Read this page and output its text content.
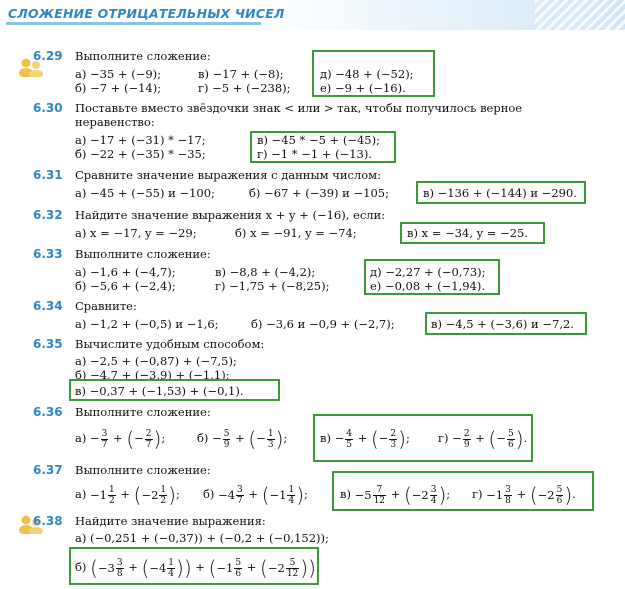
СЛОЖЕНИЕ ОТРИЦАТЕЛЬНЫХ ЧИСЕЛ
6.29 Выполните сложение:
а) −35 + (−9);	в) −17 + (−8);	д) −48 + (−52);
б) −7 + (−14);	г) −5 + (−238);	е) −9 + (−16).
6.30 Поставьте вместо звёздочки знак < или > так, чтобы получилось верное
неравенство:
а) −17 + (−31) * −17;	в) −45 * −5 + (−45);
б) −22 + (−35) * −35;	г) −1 * −1 + (−13).
6.31 Сравните значение выражения с данным числом:
а) −45 + (−55) и −100;	б) −67 + (−39) и −105;	в) −136 + (−144) и −290.
6.32 Найдите значение выражения x + y + (−16), если:
а) x = −17, y = −29;	б) x = −91, y = −74;	в) x = −34, y = −25.
6.33 Выполните сложение:
а) −1,6 + (−4,7);	в) −8,8 + (−4,2);	д) −2,27 + (−0,73);
б) −5,6 + (−2,4);	г) −1,75 + (−8,25);	е) −0,08 + (−1,94).
6.34 Сравните:
а) −1,2 + (−0,5) и −1,6;	б) −3,6 и −0,9 + (−2,7);	в) −4,5 + (−3,6) и −7,2.
6.35 Вычислите удобным способом:
а) −2,5 + (−0,87) + (−7,5);
б) −4,7 + (−3,9) + (−1,1);
в) −0,37 + (−1,53) + (−0,1).
6.36 Выполните сложение:
$а) - \frac{3}{7}$ + (− $\frac{2}{7}$ );	$б) - \frac{5}{9}$ + (− $\frac{1}{3}$ );	$в) - \frac{4}{5}$ + (− $\frac{2}{3}$ ); $г) - \frac{2}{9}$ + (− $\frac{5}{6}$ ).
6.37 Выполните сложение:
$а) -1 \frac{1}{2} + (-2 \frac{1}{2}$ ); $б) -4 \frac{3}{7} + (-1 \frac{1}{4}$ );	$в) -5 \frac{7}{12} + (-2 \frac{3}{4}$ ); $г) -1 \frac{3}{8} + (-2 \frac{5}{6}$ ).
6.38 Найдите значение выражения:
а) (−0,251 + (−0,37)) + (−0,2 + (−0,152));
б) ($-3 \frac{3}{8} + (-4 \frac{1}{4}$ )) + ($-1 \frac{5}{6} + (-2 \frac{5}{12}$ )).
